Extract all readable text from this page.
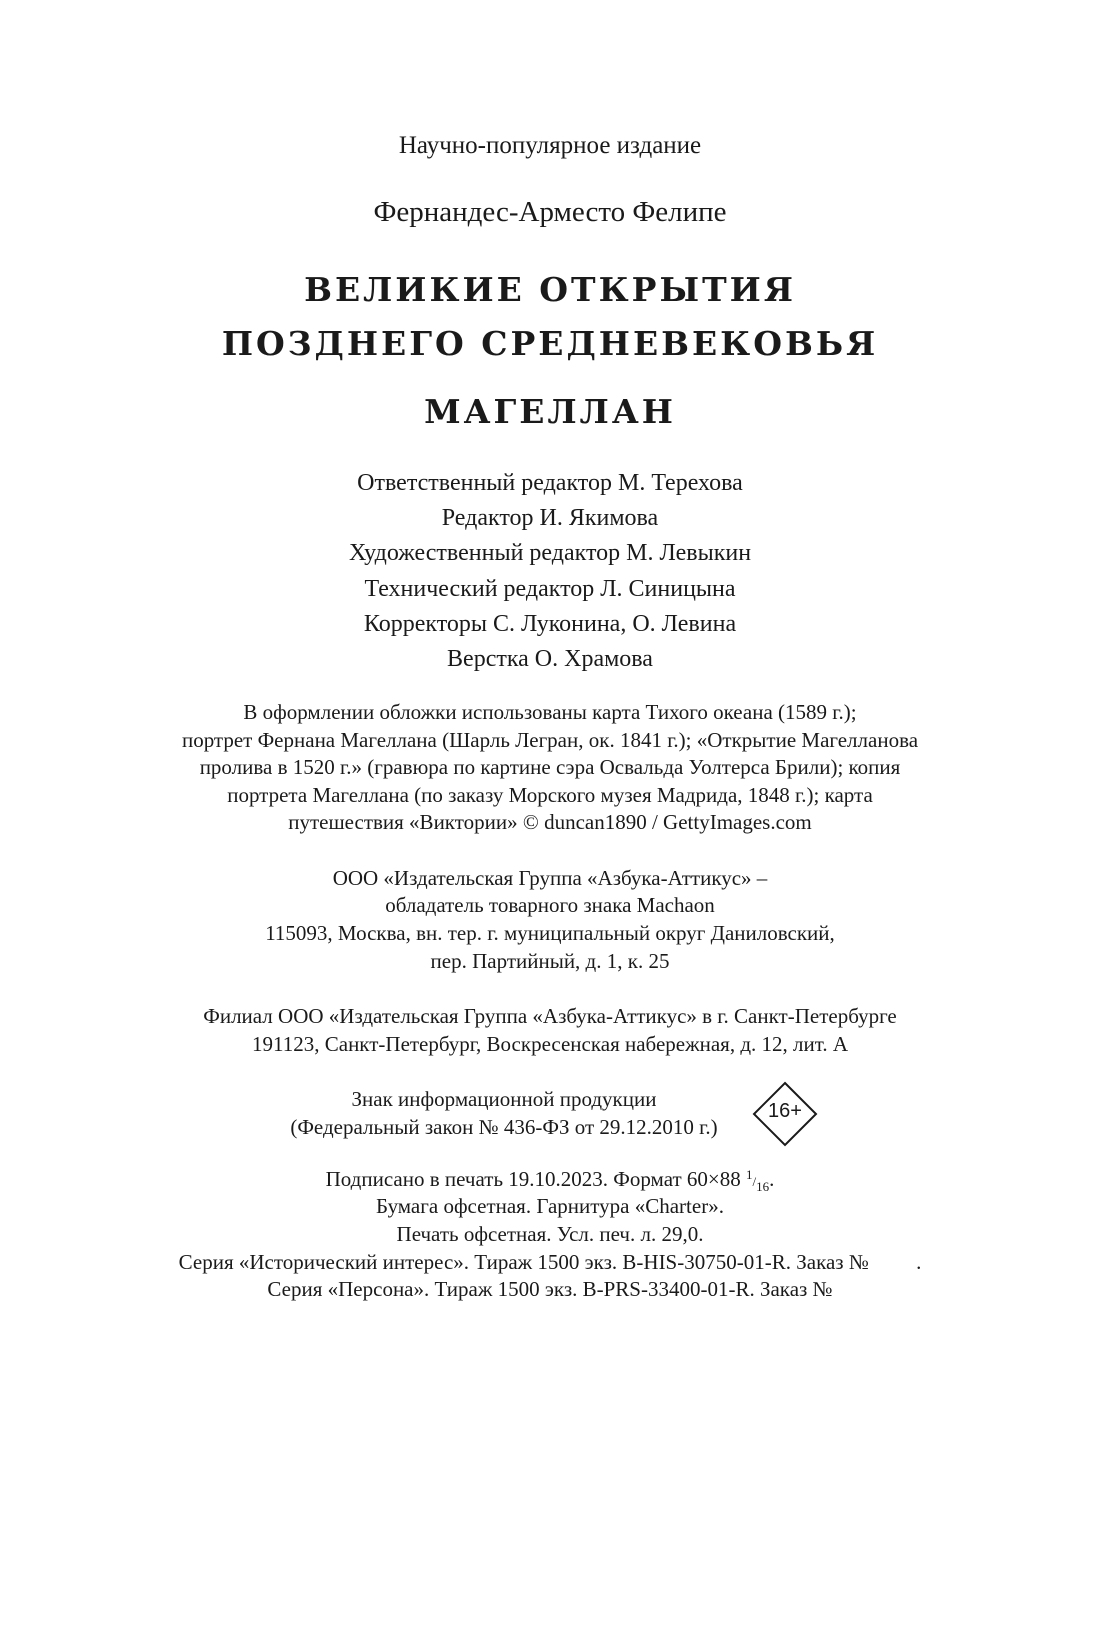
Научно-популярное издание
Фернандес-Арместо Фелипе
ВЕЛИКИЕ ОТКРЫТИЯ
ПОЗДНЕГО СРЕДНЕВЕКОВЬЯ
МАГЕЛЛАН
Ответственный редактор М. Терехова
Редактор И. Якимова
Художественный редактор М. Левыкин
Технический редактор Л. Синицына
Корректоры С. Луконина, О. Левина
Верстка О. Храмова
В оформлении обложки использованы карта Тихого океана (1589 г.);
портрет Фернана Магеллана (Шарль Легран, ок. 1841 г.); «Открытие Магелланова
пролива в 1520 г.» (гравюра по картине сэра Освальда Уолтерса Брили); копия
портрета Магеллана (по заказу Морского музея Мадрида, 1848 г.); карта
путешествия «Виктории» © duncan1890 / GettyImages.com
ООО «Издательская Группа «Азбука-Аттикус» –
обладатель товарного знака Machaon
115093, Москва, вн. тер. г. муниципальный округ Даниловский,
пер. Партийный, д. 1, к. 25
Филиал ООО «Издательская Группа «Азбука-Аттикус» в г. Санкт-Петербурге
191123, Санкт-Петербург, Воскресенская набережная, д. 12, лит. А
Знак информационной продукции
(Федеральный закон № 436-ФЗ от 29.12.2010 г.)
16+
Подписано в печать 19.10.2023. Формат 60×88 1/16.
Бумага офсетная. Гарнитура «Charter».
Печать офсетная. Усл. печ. л. 29,0.
Серия «Исторический интерес». Тираж 1500 экз. B-HIS-30750-01-R. Заказ №         .
Серия «Персона». Тираж 1500 экз. B-PRS-33400-01-R. Заказ №
